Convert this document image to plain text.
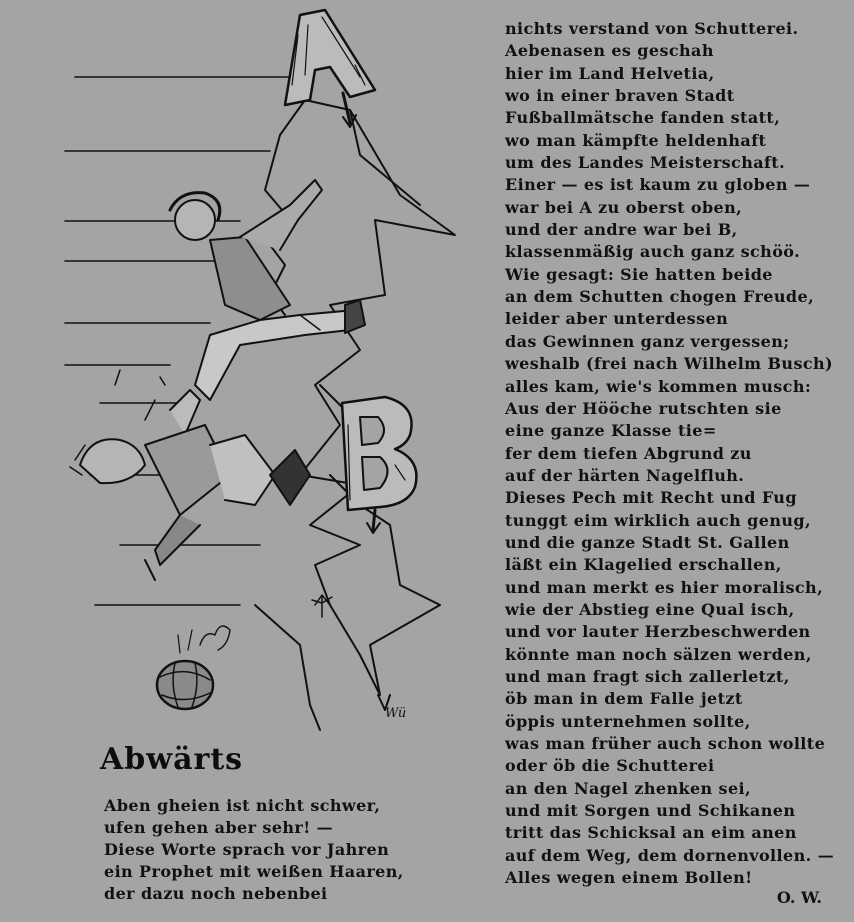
Wü
Abwärts
Aben gheien ist nicht schwer,
ufen gehen aber sehr! —
Diese Worte sprach vor Jahren
ein Prophet mit weißen Haaren,
der dazu noch nebenbei
nichts verstand von Schutterei.
Aebenasen es geschah
hier im Land Helvetia,
wo in einer braven Stadt
Fußballmätsche fanden statt,
wo man kämpfte heldenhaft
um des Landes Meisterschaft.
Einer — es ist kaum zu globen —
war bei A zu oberst oben,
und der andre war bei B,
klassenmäßig auch ganz schöö.
Wie gesagt: Sie hatten beide
an dem Schutten chogen Freude,
leider aber unterdessen
das Gewinnen ganz vergessen;
weshalb (frei nach Wilhelm Busch)
alles kam, wie's kommen musch:
Aus der Hööche rutschten sie
eine ganze Klasse tie=
fer dem tiefen Abgrund zu
auf der härten Nagelfluh.
Dieses Pech mit Recht und Fug
tunggt eim wirklich auch genug,
und die ganze Stadt St. Gallen
läßt ein Klagelied erschallen,
und man merkt es hier moralisch,
wie der Abstieg eine Qual isch,
und vor lauter Herzbeschwerden
könnte man noch sälzen werden,
und man fragt sich zallerletzt,
öb man in dem Falle jetzt
öppis unternehmen sollte,
was man früher auch schon wollte
oder öb die Schutterei
an den Nagel zhenken sei,
und mit Sorgen und Schikanen
tritt das Schicksal an eim anen
auf dem Weg, dem dornenvollen. —
Alles wegen einem Bollen!
O. W.
